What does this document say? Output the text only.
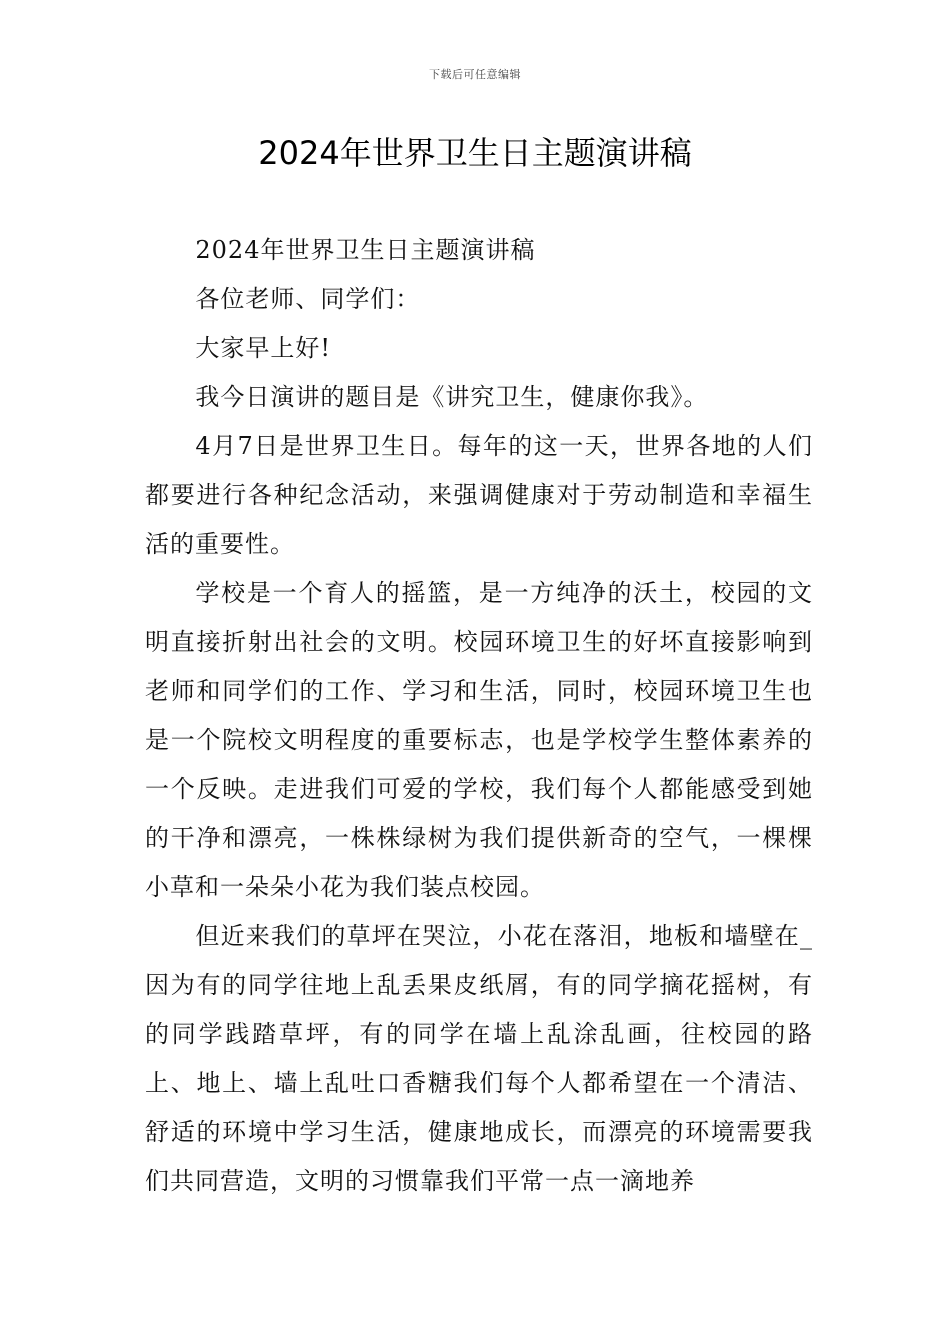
下载后可任意编辑
2024年世界卫生日主题演讲稿

2024年世界卫生日主题演讲稿

各位老师、同学们：

大家早上好!

我今日演讲的题目是《讲究卫生，健康你我》。

4月7日是世界卫生日。每年的这一天，世界各地的人们都要进行各种纪念活动，来强调健康对于劳动制造和幸福生活的重要性。

学校是一个育人的摇篮，是一方纯净的沃土，校园的文明直接折射出社会的文明。校园环境卫生的好坏直接影响到老师和同学们的工作、学习和生活，同时，校园环境卫生也是一个院校文明程度的重要标志，也是学校学生整体素养的一个反映。走进我们可爱的学校，我们每个人都能感受到她的干净和漂亮，一株株绿树为我们提供新奇的空气，一棵棵小草和一朵朵小花为我们装点校园。

但近来我们的草坪在哭泣，小花在落泪，地板和墙壁在_因为有的同学往地上乱丢果皮纸屑，有的同学摘花摇树，有的同学践踏草坪，有的同学在墙上乱涂乱画，往校园的路上、地上、墙上乱吐口香糖我们每个人都希望在一个清洁、舒适的环境中学习生活，健康地成长，而漂亮的环境需要我们共同营造，文明的习惯靠我们平常一点一滴地养
